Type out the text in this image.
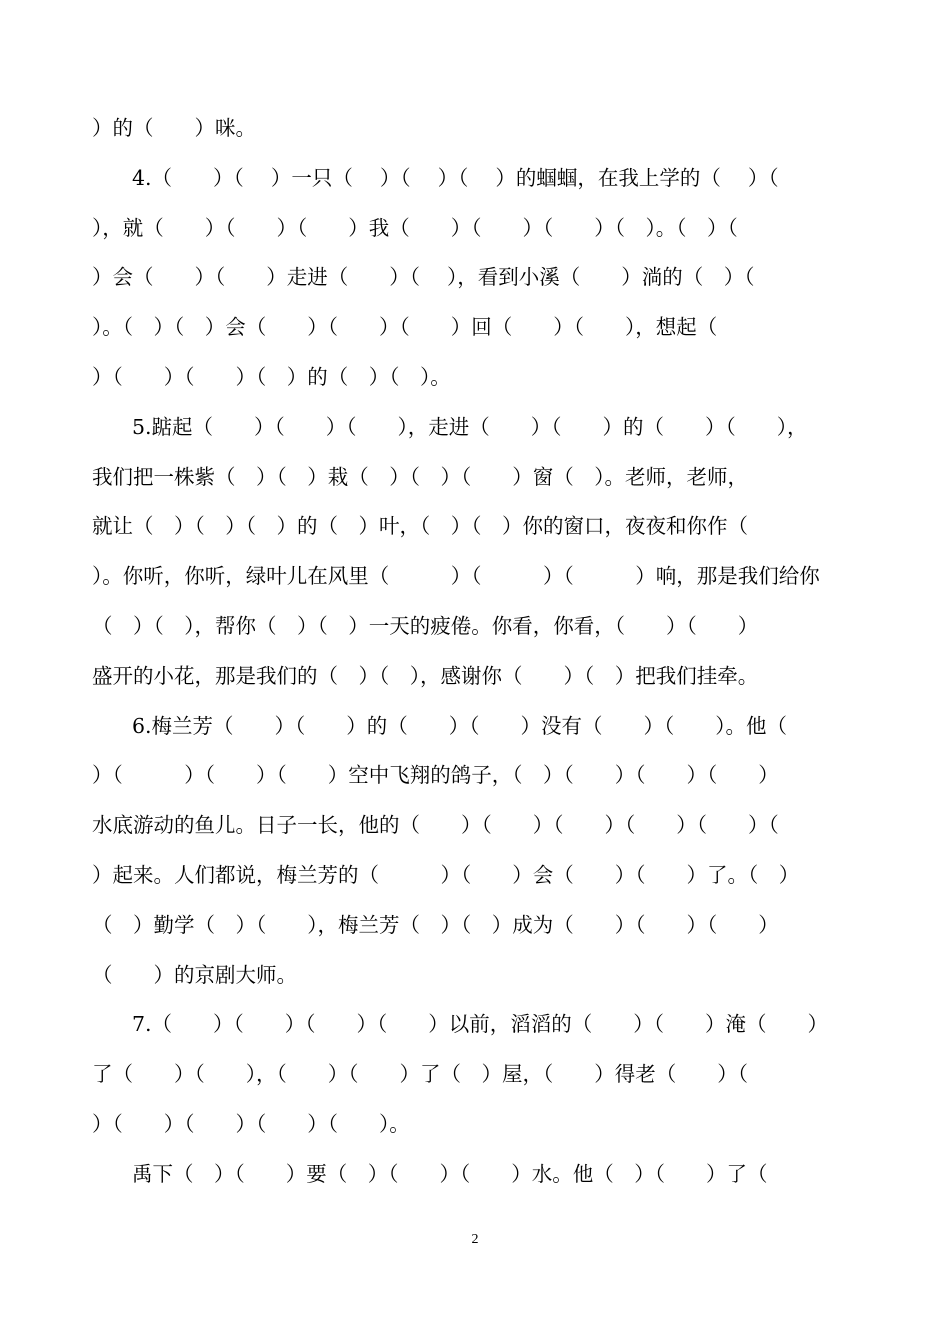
）的（　　）咪。
4.（　　）（　 ）一只（　 ）（　 ）（　 ）的蝈蝈，在我上学的（　 ）（
），就（　　）（　　）（　　）我（　　）（　　）（　　）（　）。（　）（
）会（　　）（　　）走进（　　）（　 ），看到小溪（　　）淌的（　）（
）。（　）（　）会（　　）（　　）（　　）回（　　）（　　），想起（
）（　　）（　　）（　）的（　）（　）。
5.踮起（　　）（　　）（　　），走进（　　）（　　）的（　　）（　　），
我们把一株紫（　）（　）栽（　）（　）（　　）窗（　）。老师，老师，
就让（　）（　）（　）的（　）叶，（　）（　）你的窗口，夜夜和你作（
）。你听，你听，绿叶儿在风里（　　　）（　　　）（　　　）响，那是我们给你
（　）（　），帮你（　）（　）一天的疲倦。你看，你看，（　　）（　　）
盛开的小花，那是我们的（　）（　），感谢你（　　）（　）把我们挂牵。
6.梅兰芳（　　）（　　）的（　　）（　　）没有（　　）（　　）。他（
）（　　　）（　　）（　　）空中飞翔的鸽子，（　）（　　）（　　）（　　）
水底游动的鱼儿。日子一长，他的（　　）（　　）（　　）（　　）（　　）（
）起来。人们都说，梅兰芳的（　　　）（　　）会（　　）（　　）了。（　）
（　）勤学（　）（　　），梅兰芳（　）（　）成为（　　）（　　）（　　）
（　　）的京剧大师。
7.（　　）（　　）（　　）（　　）以前，滔滔的（　　）（　　）淹（　　）
了（　　）（　　），（　　）（　　）了（　）屋，（　　）得老（　　）（
）（　　）（　　）（　　）（　　）。
禹下（　）（　　）要（　）（　　）（　　）水。他（　）（　　）了（
2
